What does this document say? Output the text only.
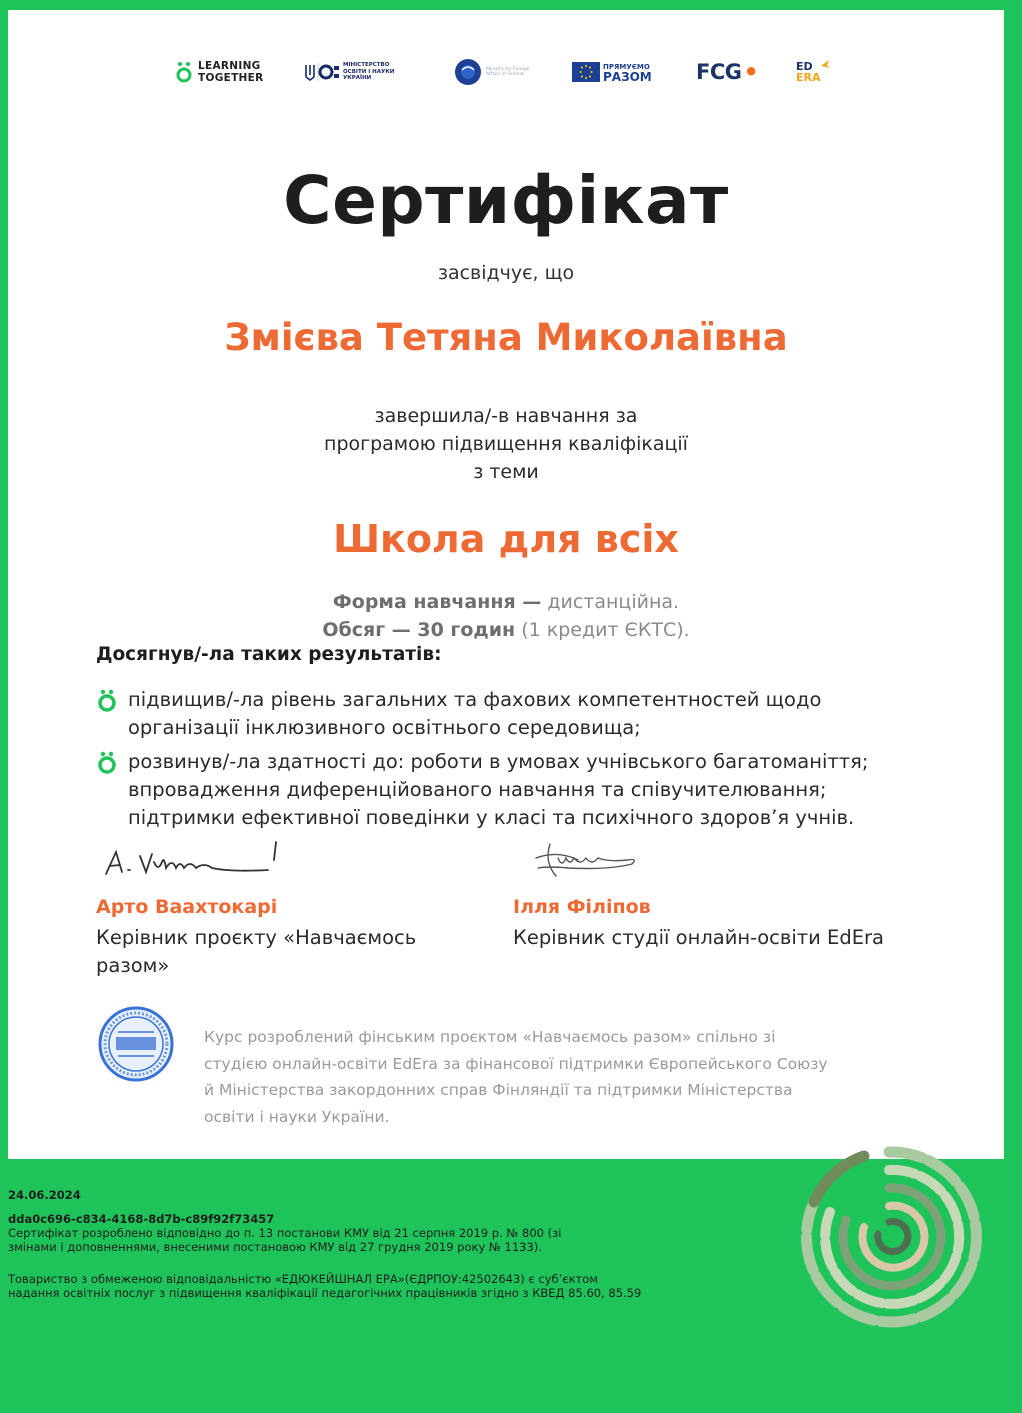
LEARNING TOGETHER
МІНІСТЕРСТВО ОСВІТИ І НАУКИ УКРАЇНИ
Ministry for Foreign Affairs of Finland
ПРЯМУЄМО
РАЗОМ	FCG •	ED
ERA
Сертифікат
засвідчує, що
Змієва Тетяна Миколаївна
завершила/-в навчання за
програмою підвищення кваліфікації
з теми
Школа для всіх
Форма навчання — дистанційна.
Обсяг — 30 годин (1 кредит ЄКТС).
Досягнув/-ла таких результатів:
підвищив/-ла рівень загальних та фахових компетентностей щодо
організації інклюзивного освітнього середовища;
розвинув/-ла здатності до: роботи в умовах учнівського багатоманіття;
впровадження диференційованого навчання та співучителювання;
підтримки ефективної поведінки у класі та психічного здоров’я учнів.
Арто Ваахтокарі
Керівник проєкту «Навчаємось
разом»
Ілля Філіпов
Керівник студії онлайн-освіти EdEra
Курс розроблений фінським проєктом «Навчаємось разом» спільно зі
студією онлайн-освіти EdEra за фінансової підтримки Європейського Союзу
й Міністерства закордонних справ Фінляндії та підтримки Міністерства
освіти і науки України.
24.06.2024
dda0c696-c834-4168-8d7b-c89f92f73457
Сертифікат розроблено відповідно до п. 13 постанови КМУ від 21 серпня 2019 р. № 800 (зі
змінами і доповненнями, внесеними постановою КМУ від 27 грудня 2019 року № 1133).
Товариство з обмеженою відповідальністю «ЕДЮКЕЙШНАЛ ЕРА»(ЄДРПОУ:42502643) є суб’єктом
надання освітніх послуг з підвищення кваліфікації педагогічних працівників згідно з КВЕД 85.60, 85.59
